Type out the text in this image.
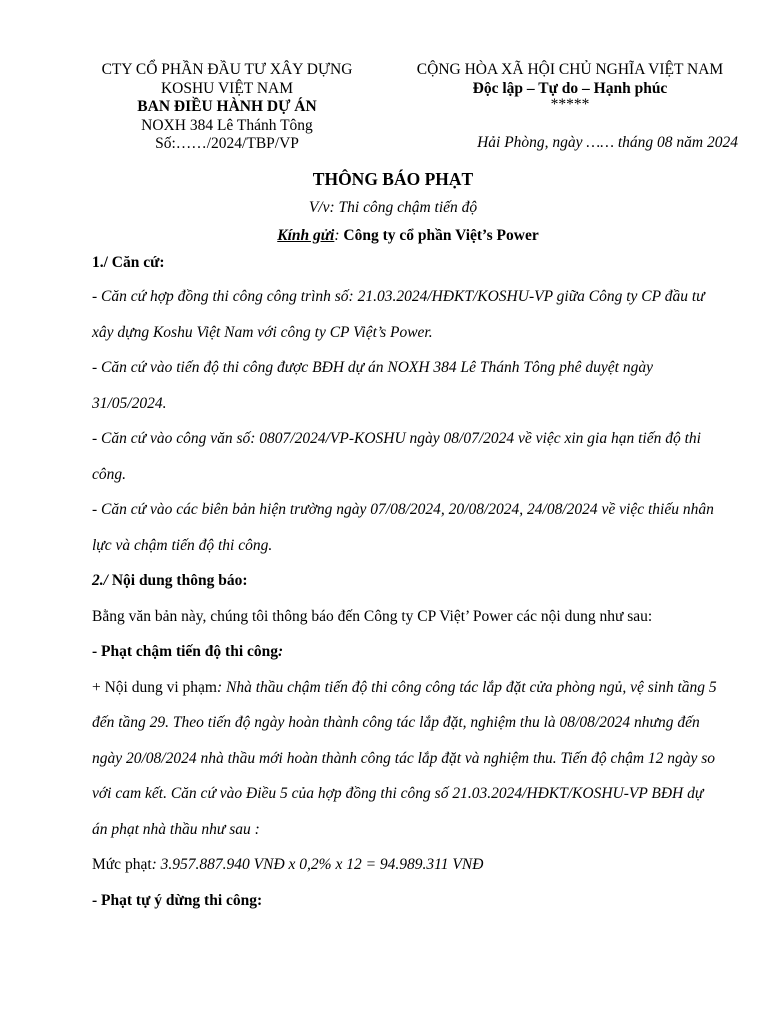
CTY CỔ PHẦN ĐẦU TƯ XÂY DỰNG
KOSHU VIỆT NAM
BAN ĐIỀU HÀNH DỰ ÁN
NOXH 384 Lê Thánh Tông
Số:……/2024/TBP/VP
CỘNG HÒA XÃ HỘI CHỦ NGHĨA VIỆT NAM
Độc lập – Tự do – Hạnh phúc
*****
Hải Phòng, ngày …… tháng 08 năm 2024
THÔNG BÁO PHẠT
V/v: Thi công chậm tiến độ
Kính gửi: Công ty cổ phần Việt’s Power
1./ Căn cứ:

- Căn cứ hợp đồng thi công công trình số: 21.03.2024/HĐKT/KOSHU-VP giữa Công ty CP đầu tư xây dựng Koshu Việt Nam với công ty CP Việt’s Power.

- Căn cứ vào tiến độ thi công được BĐH dự án NOXH 384 Lê Thánh Tông phê duyệt ngày 31/05/2024.

- Căn cứ vào công văn số: 0807/2024/VP-KOSHU ngày 08/07/2024 về việc xin gia hạn tiến độ thi công.

- Căn cứ vào các biên bản hiện trường ngày 07/08/2024, 20/08/2024, 24/08/2024 về việc thiếu nhân lực và chậm tiến độ thi công.

2./ Nội dung thông báo:

Bằng văn bản này, chúng tôi thông báo đến Công ty CP Việt’ Power các nội dung như sau:

- Phạt chậm tiến độ thi công:

+ Nội dung vi phạm: Nhà thầu chậm tiến độ thi công công tác lắp đặt cửa phòng ngủ, vệ sinh tầng 5 đến tầng 29. Theo tiến độ ngày hoàn thành công tác lắp đặt, nghiệm thu là 08/08/2024 nhưng đến ngày 20/08/2024 nhà thầu mới hoàn thành công tác lắp đặt và nghiệm thu. Tiến độ chậm 12 ngày so với cam kết. Căn cứ vào Điều 5 của hợp đồng thi công số 21.03.2024/HĐKT/KOSHU-VP BĐH dự án phạt nhà thầu như sau :

Mức phạt: 3.957.887.940 VNĐ x 0,2% x 12 = 94.989.311 VNĐ

- Phạt tự ý dừng thi công:
